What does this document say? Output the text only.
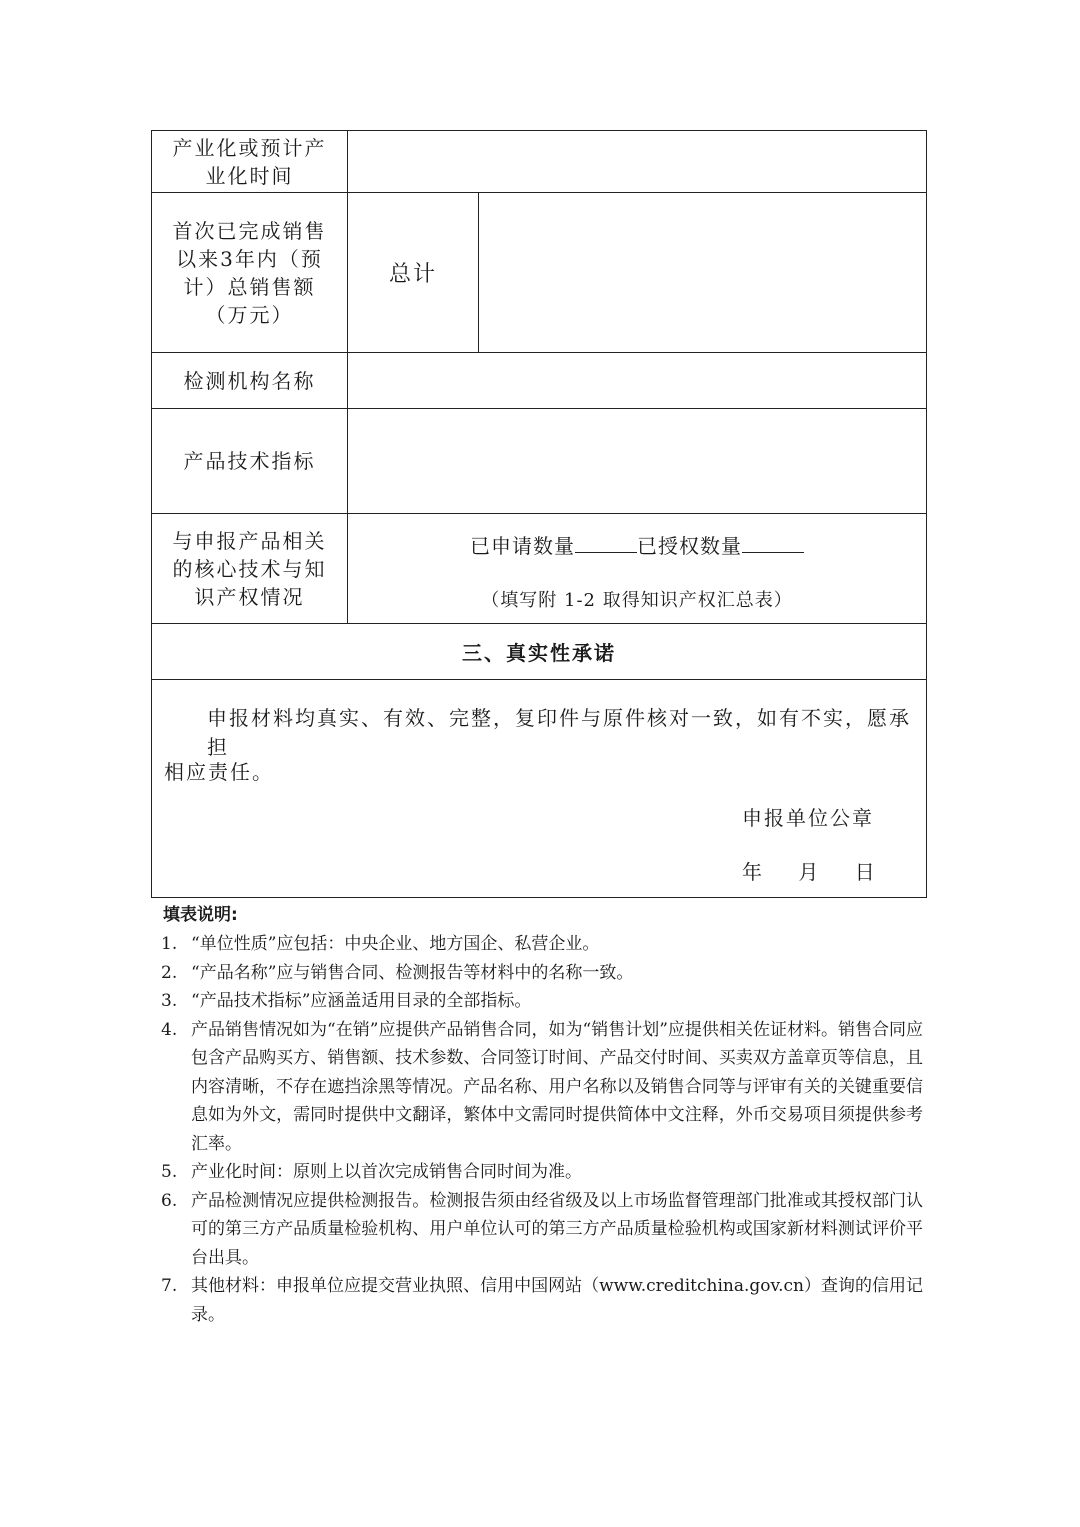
产业化或预计产业化时间		
首次已完成销售以来3年内（预计）总销售额（万元）	总计	
检测机构名称		
产品技术指标		
与申报产品相关的核心技术与知识产权情况	已申请数量 已授权数量
（填写附 1-2 取得知识产权汇总表）	

三、真实性承诺		

申报材料均真实、有效、完整，复印件与原件核对一致，如有不实，愿承担

相应责任。

申报单位公章
年 月 日		
填表说明:
1. “单位性质”应包括：中央企业、地方国企、私营企业。
2. “产品名称”应与销售合同、检测报告等材料中的名称一致。
3. “产品技术指标”应涵盖适用目录的全部指标。
4. 产品销售情况如为“在销”应提供产品销售合同，如为“销售计划”应提供相关佐证材料。销售合同应包含产品购买方、销售额、技术参数、合同签订时间、产品交付时间、买卖双方盖章页等信息，且内容清晰，不存在遮挡涂黑等情况。产品名称、用户名称以及销售合同等与评审有关的关键重要信息如为外文，需同时提供中文翻译，繁体中文需同时提供简体中文注释，外币交易项目须提供参考汇率。
5. 产业化时间：原则上以首次完成销售合同时间为准。
6. 产品检测情况应提供检测报告。检测报告须由经省级及以上市场监督管理部门批准或其授权部门认可的第三方产品质量检验机构、用户单位认可的第三方产品质量检验机构或国家新材料测试评价平台出具。
7. 其他材料：申报单位应提交营业执照、信用中国网站（www.creditchina.gov.cn）查询的信用记录。
